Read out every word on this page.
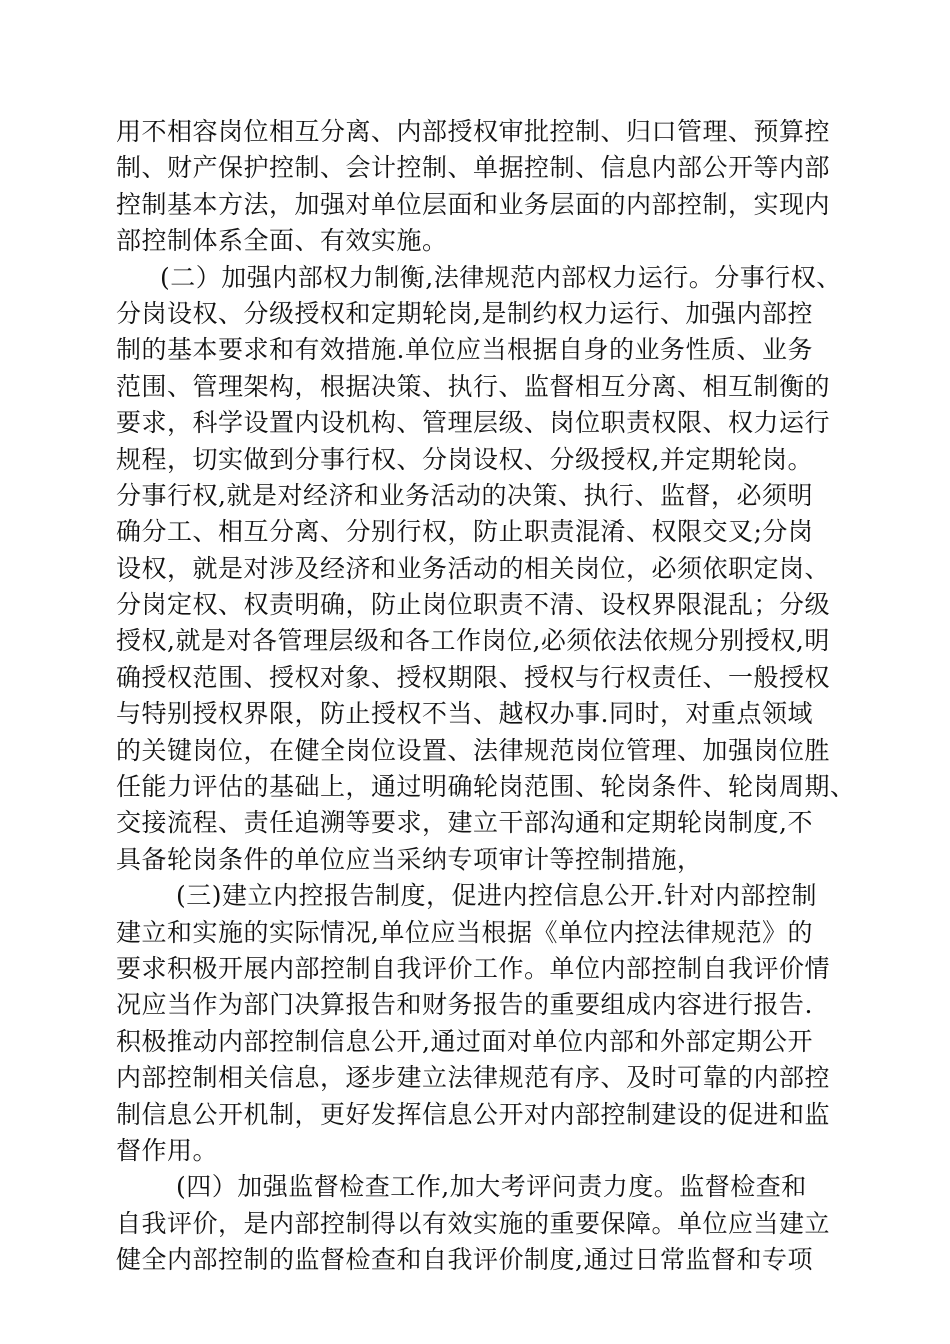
用不相容岗位相互分离、内部授权审批控制、归口管理、预算控
制、财产保护控制、会计控制、单据控制、信息内部公开等内部
控制基本方法，加强对单位层面和业务层面的内部控制，实现内
部控制体系全面、有效实施。
(二）加强内部权力制衡,法律规范内部权力运行。分事行权、
分岗设权、分级授权和定期轮岗,是制约权力运行、加强内部控
制的基本要求和有效措施.单位应当根据自身的业务性质、业务
范围、管理架构，根据决策、执行、监督相互分离、相互制衡的
要求，科学设置内设机构、管理层级、岗位职责权限、权力运行
规程，切实做到分事行权、分岗设权、分级授权,并定期轮岗。
分事行权,就是对经济和业务活动的决策、执行、监督，必须明
确分工、相互分离、分别行权，防止职责混淆、权限交叉;分岗
设权，就是对涉及经济和业务活动的相关岗位，必须依职定岗、
分岗定权、权责明确，防止岗位职责不清、设权界限混乱；分级
授权,就是对各管理层级和各工作岗位,必须依法依规分别授权,明
确授权范围、授权对象、授权期限、授权与行权责任、一般授权
与特别授权界限，防止授权不当、越权办事.同时，对重点领域
的关键岗位，在健全岗位设置、法律规范岗位管理、加强岗位胜
任能力评估的基础上，通过明确轮岗范围、轮岗条件、轮岗周期、
交接流程、责任追溯等要求，建立干部沟通和定期轮岗制度,不
具备轮岗条件的单位应当采纳专项审计等控制措施，
(三)建立内控报告制度，促进内控信息公开.针对内部控制
建立和实施的实际情况,单位应当根据《单位内控法律规范》的
要求积极开展内部控制自我评价工作。单位内部控制自我评价情
况应当作为部门决算报告和财务报告的重要组成内容进行报告.
积极推动内部控制信息公开,通过面对单位内部和外部定期公开
内部控制相关信息，逐步建立法律规范有序、及时可靠的内部控
制信息公开机制，更好发挥信息公开对内部控制建设的促进和监
督作用。
(四）加强监督检查工作,加大考评问责力度。监督检查和
自我评价，是内部控制得以有效实施的重要保障。单位应当建立
健全内部控制的监督检查和自我评价制度,通过日常监督和专项
